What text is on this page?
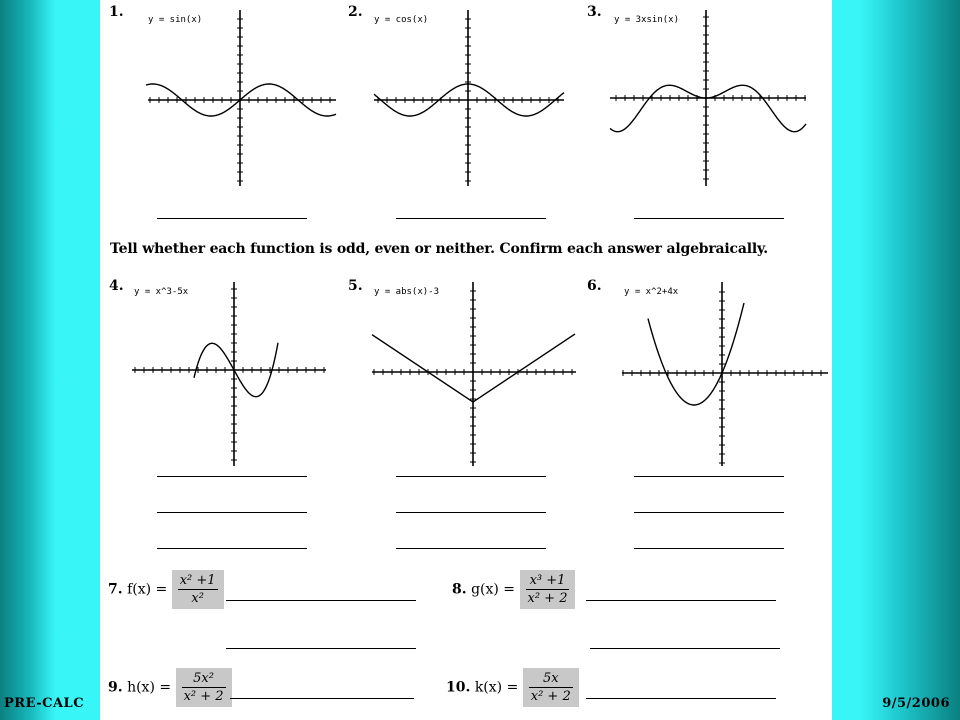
1.	y = sin(x)	2. y = cos(x)	3. y = 3xsin(x)
Tell whether each function is odd, even or neither. Confirm each answer algebraically.
4. y = x^3-5x	5. y = abs(x)-3	6. y = x^2+4x
7. $f(x) = \frac{\text{x² +1}}{\text{x²}}$	8. $g(x) = \frac{\text{x³ +1}}{\text{x² + 2}}$
9. $h(x) = \frac{\text{5x²}}{\text{x² + 2}}$	10. $k(x) = \frac{5x}{\text{x² + 2}}$
PRE-CALC	9/5/2006
